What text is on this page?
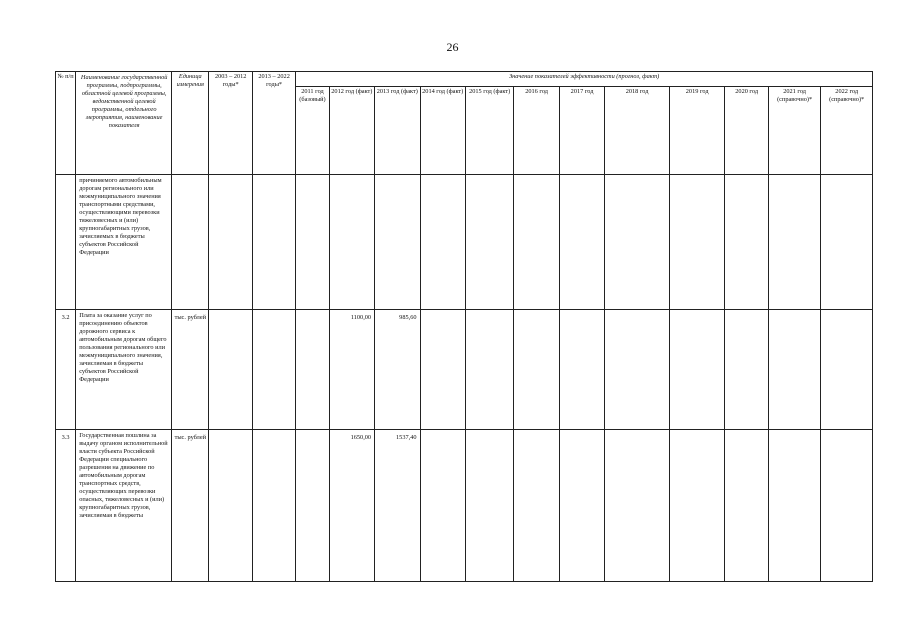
26
№ п/п	Наименование государственной программы, подпрограммы, областной целевой программы, ведомственной целевой программы, отдельного мероприятия, наименование показателя	Единица измерения	2003 – 2012 годы*	2013 – 2022 годы*	Значение показателей эффективности (прогноз, факт)											
					2011 год (базовый)	2012 год (факт)	2013 год (факт)	2014 год (факт)	2015 год (факт)	2016 год	2017 год	2018 год	2019 год	2020 год	2021 год (справочно)*	2022 год (справочно)*
	причиняемого автомобильным дорогам регионального или межмуниципального значения транспортными средствами, осуществляющими перевозки тяжеловесных и (или) крупногабаритных грузов, зачисляемых в бюджеты субъектов Российской Федерации															
3.2	Плата за оказание услуг по присоединению объектов дорожного сервиса к автомобильным дорогам общего пользования регионального или межмуниципального значения, зачисляемая в бюджеты субъектов Российской Федерации	тыс. рублей				1100,00	985,60									
3.3	Государственная пошлина за выдачу органом исполнительной власти субъекта Российской Федерации специального разрешения на движение по автомобильным дорогам транспортных средств, осуществляющих перевозки опасных, тяжеловесных и (или) крупногабаритных грузов, зачисляемая в бюджеты	тыс. рублей				1650,00	1537,40									
